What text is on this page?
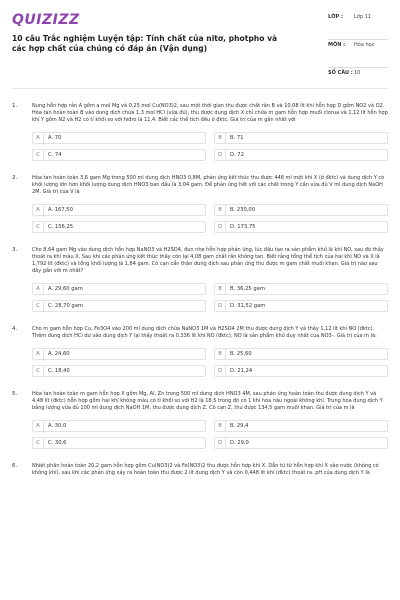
QUIZIZZ
10 câu Trắc nghiệm Luyện tập: Tính chất của nitơ, photpho và các hợp chất của chúng có đáp án (Vận dụng)
LỚP :	Lớp 11
MÔN :	Hóa học
SỐ CÂU : 10
1.	Nung hỗn hợp rắn A gồm a mol Mg và 0,25 mol Cu(NO3)2, sau một thời gian thu được chất rắn B và 10,08 lít khí hỗn hợp D gồm NO2 và O2. Hòa tan hoàn toàn B vào dung dịch chứa 1,3 mol HCl (vừa đủ), thu được dung dịch X chỉ chứa m gam hỗn hợp muối clorua và 1,12 lít hỗn hợp khí Y gồm N2 và H2 có tỉ khối so với hiđro là 11,4. Biết các thể tích đều ở đktc. Giá trị của m gần nhất với
A	A. 70	B	B. 71
C	C. 74	D	D. 72
2.	Hòa tan hoàn toàn 3,6 gam Mg trong 500 ml dung dịch HNO3 0,8M, phản ứng kết thúc thu được 448 ml một khí X (ở đktc) và dung dịch Y có khối lượng lớn hơn khối lượng dung dịch HNO3 ban đầu là 3,04 gam. Để phản ứng hết với các chất trong Y cần vừa đủ V ml dung dịch NaOH 2M. Giá trị của V là
A	A. 167,50	B	B. 230,00
C	C. 156,25	D	D. 173,75
3.	Cho 8,64 gam Mg vào dung dịch hỗn hợp NaNO3 và H2SO4, đun nhẹ hỗn hợp phản ứng, lúc đầu tạo ra sản phẩm khử là khí NO, sau đó thấy thoát ra khí màu X. Sau khi các phản ứng kết thúc thấy còn lại 4,08 gam chất rắn không tan. Biết rằng tổng thể tích của hai khí NO và X là 1,792 lít (đktc) và tổng khối lượng là 1,84 gam. Cô cạn cẩn thận dung dịch sau phản ứng thu được m gam chất muối khan. Giá trị nào sau đây gần với m nhất?
A	A. 29,60 gam	B	B. 36,25 gam
C	C. 28,70 gam	D	D. 31,52 gam
4.	Cho m gam hỗn hợp Cu, Fe3O4 vào 200 ml dung dịch chứa NaNO3 1M và H2SO4 2M thu được dung dịch Y và thấy 1,12 lít khí NO (đktc). Thêm dung dịch HCl dư vào dung dịch Y lại thấy thoát ra 0,336 lít khí NO (đktc), NO là sản phẩm khử duy nhất của NO3-. Giá trị của m là:
A	A. 24,60	B	B. 25,60
C	C. 18,40	D	D. 21,24
5.	Hòa tan hoàn toàn m gam hỗn hợp X gồm Mg, Al, Zn trong 500 ml dung dịch HNO3 4M, sau phản ứng hoàn toàn thu được dung dịch Y và 4,48 lít (đktc) hỗn hợp gồm hai khí không màu có tỉ khối so với H2 là 18,5 trong đó có 1 khí hóa nâu ngoài không khí. Trung hòa dung dịch Y bằng lượng vừa đủ 100 ml dung dịch NaOH 1M, thu được dung dịch Z. Cô cạn Z, thu được 134,5 gam muối khan. Giá trị của m là
A	A. 30,0	B	B. 29,4
C	C. 30,6	D	D. 29,0
6.	Nhiệt phân hoàn toàn 20,2 gam hỗn hợp gồm Cu(NO3)2 và Fe(NO3)2 thu được hỗn hợp khí X. Dẫn từ từ hỗn hợp khí X vào nước (không có không khí), sau khi các phản ứng xảy ra hoàn toàn thu được 2 lít dung dịch Y và còn 0,448 lít khí (đktc) thoát ra. pH của dung dịch Y là
